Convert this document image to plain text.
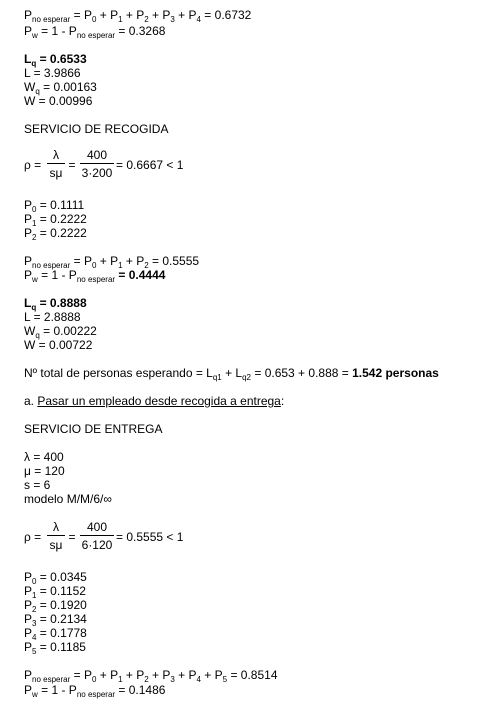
$P_{no esperar} = P_0 + P_1 + P_2 + P_3 + P_4 = 0.6732$
$P_w = 1 - P_{no esperar} = 0.3268$
$L_q = 0.6533$
L = 3.9866
$W_q = 0.00163$
W = 0.00996
SERVICIO DE RECOGIDA
ρ =
λ
sμ
=
400
3·200
= 0.6667 < 1
$P_0 = 0.1111$
$P_1 = 0.2222$
$P_2 = 0.2222$
$P_{no esperar} = P_0 + P_1 + P_2 = 0.5555$
$P_w = 1 - P_{no esperar} = 0.4444$
$L_q = 0.8888$
L = 2.8888
$W_q = 0.00222$
W = 0.00722
Nº total de personas esperando = $L_{q1} + L_{q2} = 0.653 + 0.888 = 1.542$ personas
a. Pasar un empleado desde recogida a entrega:
SERVICIO DE ENTREGA
λ = 400
μ = 120
s = 6
modelo M/M/6/∞
ρ =
λ
sμ
=
400
6·120
= 0.5555 < 1
$P_0 = 0.0345$
$P_1 = 0.1152$
$P_2 = 0.1920$
$P_3 = 0.2134$
$P_4 = 0.1778$
$P_5 = 0.1185$
$P_{no esperar} = P_0 + P_1 + P_2 + P_3 + P_4 + P_5 = 0.8514$
$P_w = 1 - P_{no esperar} = 0.1486$
